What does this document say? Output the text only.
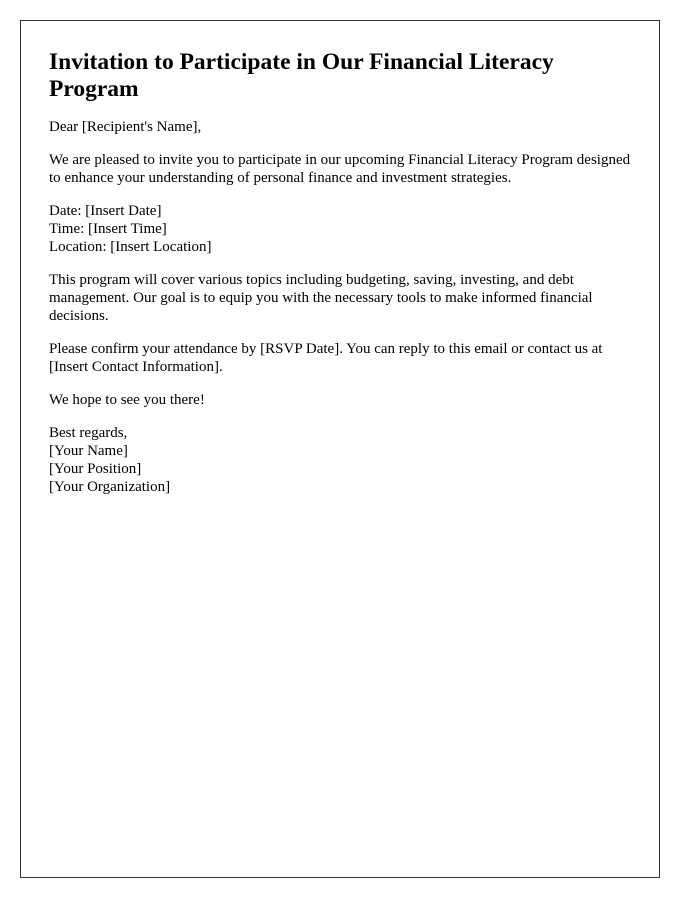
Invitation to Participate in Our Financial Literacy Program

Dear [Recipient's Name],

We are pleased to invite you to participate in our upcoming Financial Literacy Program designed to enhance your understanding of personal finance and investment strategies.

Date: [Insert Date]
Time: [Insert Time]
Location: [Insert Location]

This program will cover various topics including budgeting, saving, investing, and debt management. Our goal is to equip you with the necessary tools to make informed financial decisions.

Please confirm your attendance by [RSVP Date]. You can reply to this email or contact us at [Insert Contact Information].

We hope to see you there!

Best regards,
[Your Name]
[Your Position]
[Your Organization]
